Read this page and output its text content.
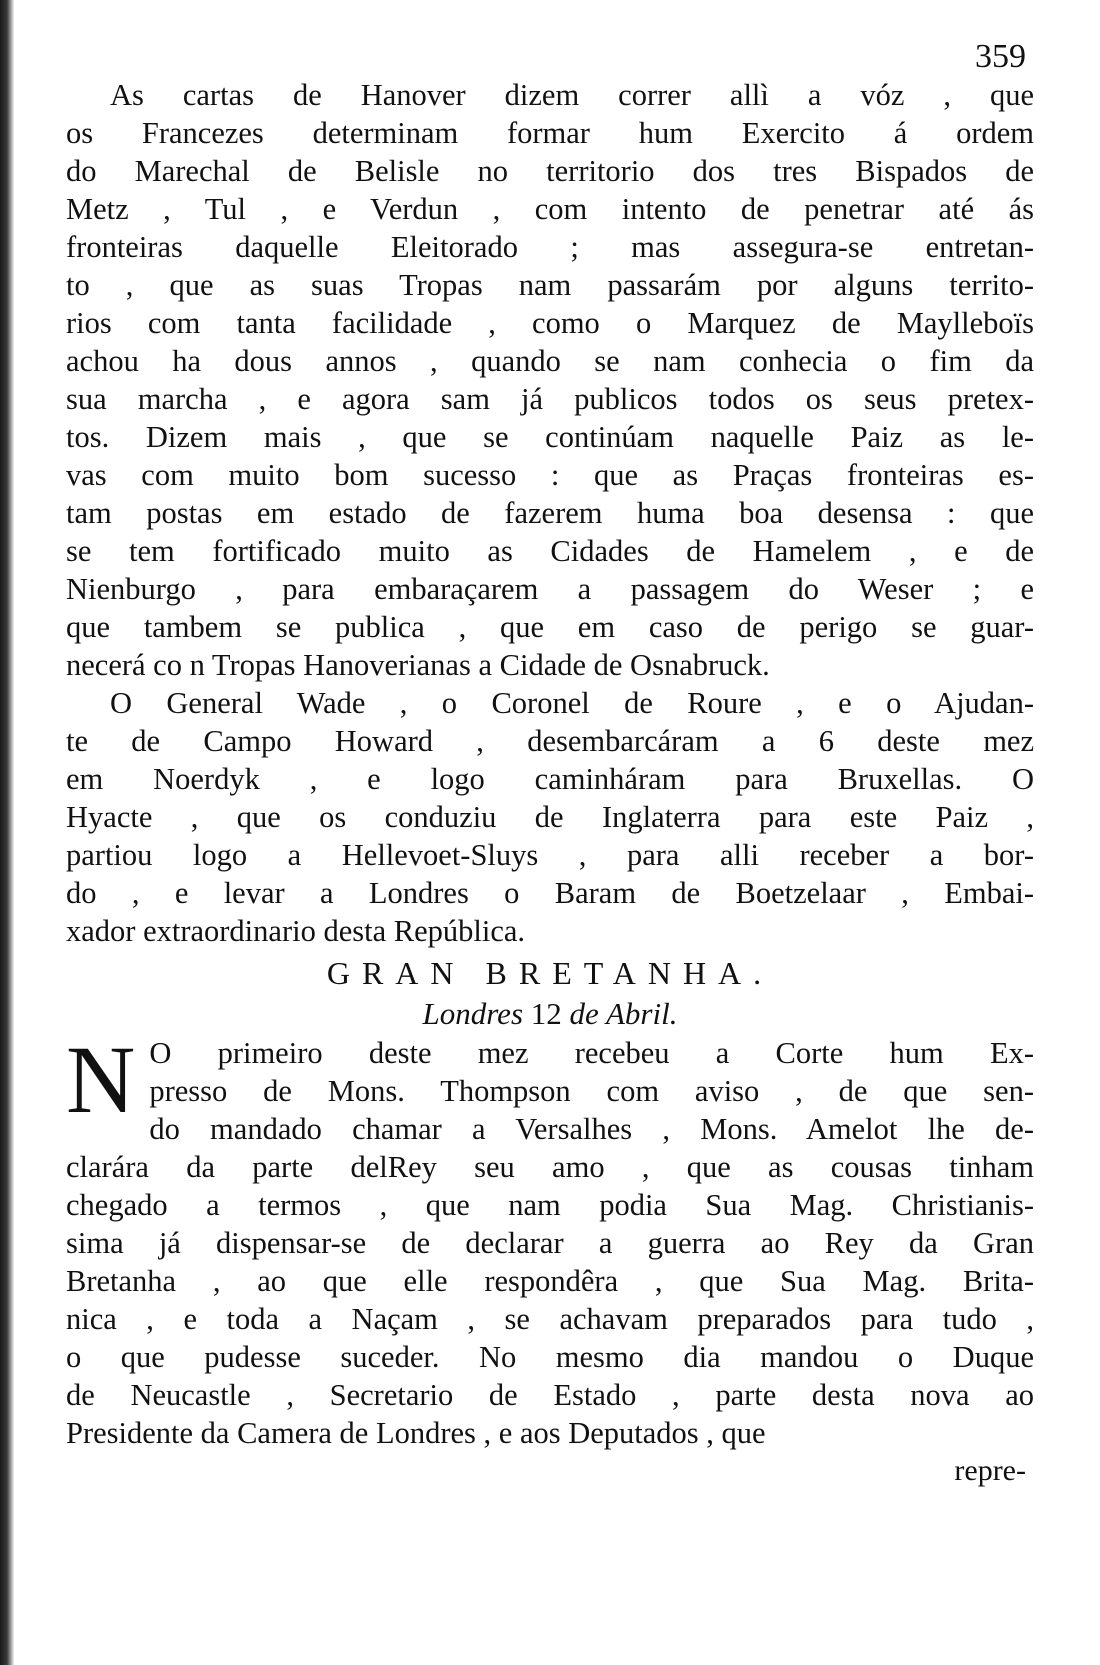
359

As cartas de Hanover dizem correr allì a vóz , que
os Francezes determinam formar hum Exercito á ordem
do Marechal de Belisle no territorio dos tres Bispados de
Metz , Tul , e Verdun , com intento de penetrar até ás
fronteiras daquelle Eleitorado ; mas assegura-se entretan-
to , que as suas Tropas nam passarám por alguns territo-
rios com tanta facilidade , como o Marquez de Maylleboïs
achou ha dous annos , quando se nam conhecia o fim da
sua marcha , e agora sam já publicos todos os seus pretex-
tos. Dizem mais , que se continúam naquelle Paiz as le-
vas com muito bom sucesso : que as Praças fronteiras es-
tam postas em estado de fazerem huma boa desensa : que
se tem fortificado muito as Cidades de Hamelem , e de
Nienburgo , para embaraçarem a passagem do Weser ; e
que tambem se publica , que em caso de perigo se guar-
necerá co n Tropas Hanoverianas a Cidade de Osnabruck.

O General Wade , o Coronel de Roure , e o Ajudan-
te de Campo Howard , desembarcáram a 6 deste mez
em Noerdyk , e logo caminháram para Bruxellas. O
Hyacte , que os conduziu de Inglaterra para este Paiz ,
partiou logo a Hellevoet-Sluys , para alli receber a bor-
do , e levar a Londres o Baram de Boetzelaar , Embai-
xador extraordinario desta República.

GRAN BRETANHA.
Londres 12 de Abril.
N O primeiro deste mez recebeu a Corte hum Ex-
presso de Mons. Thompson com aviso , de que sen-
do mandado chamar a Versalhes , Mons. Amelot lhe de-
clarára da parte delRey seu amo , que as cousas tinham
chegado a termos , que nam podia Sua Mag. Christianis-
sima já dispensar-se de declarar a guerra ao Rey da Gran
Bretanha , ao que elle respondêra , que Sua Mag. Brita-
nica , e toda a Naçam , se achavam preparados para tudo ,
o que pudesse suceder. No mesmo dia mandou o Duque
de Neucastle , Secretario de Estado , parte desta nova ao
Presidente da Camera de Londres , e aos Deputados , que

repre-
